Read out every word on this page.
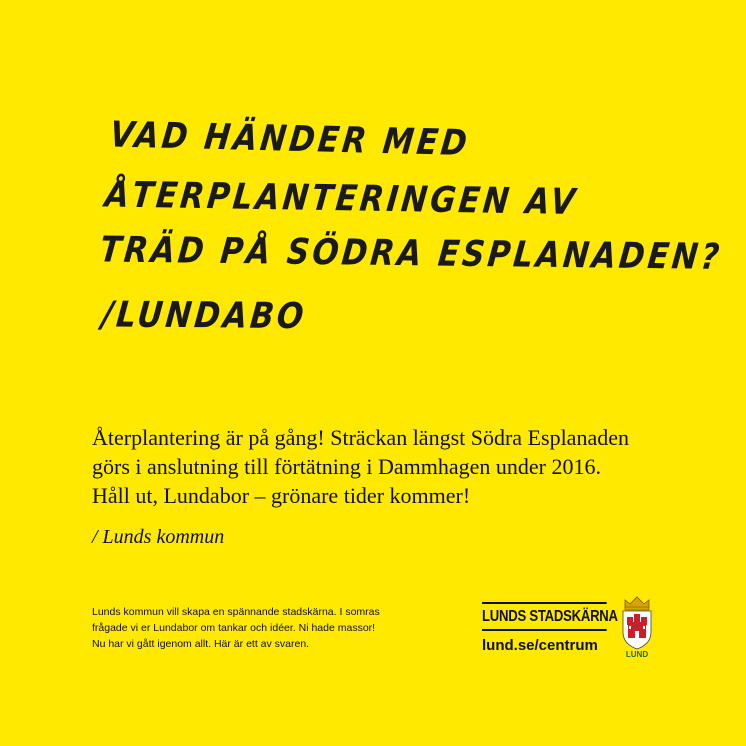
VAD HÄNDER MED
ÅTERPLANTERINGEN AV
TRÄD PÅ SÖDRA ESPLANADEN?
/LUNDABO
Återplantering är på gång! Sträckan längst Södra Esplanaden
görs i anslutning till förtätning i Dammhagen under 2016.
Håll ut, Lundabor – grönare tider kommer!
/ Lunds kommun
Lunds kommun vill skapa en spännande stadskärna. I somras
frågade vi er Lundabor om tankar och idéer. Ni hade massor!
Nu har vi gått igenom allt. Här är ett av svaren.
LUNDS STADSKÄRNA
lund.se/centrum
LUND
